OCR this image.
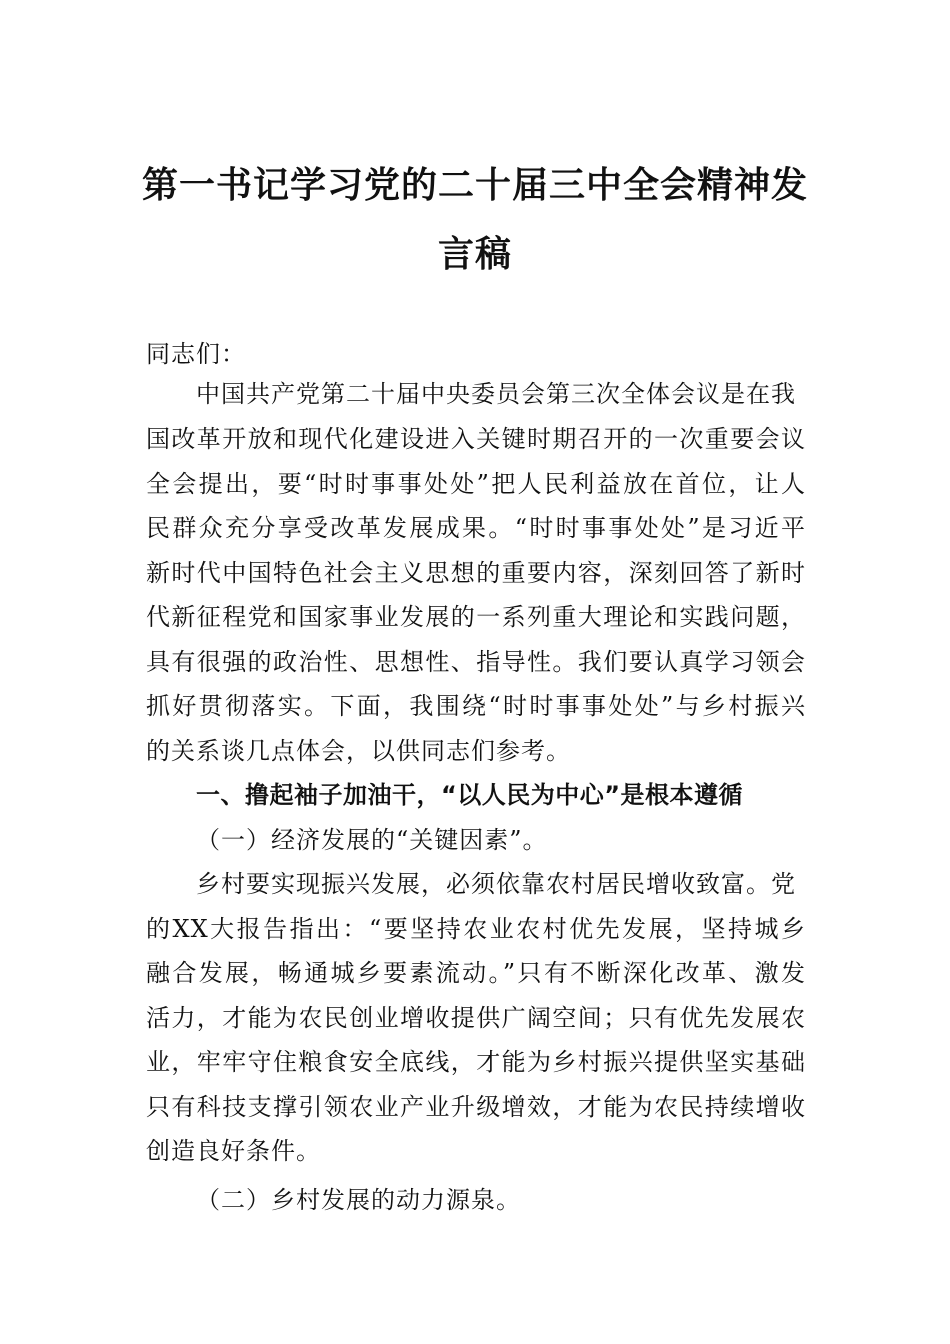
第一书记学习党的二十届三中全会精神发
言稿
同志们：
中国共产党第二十届中央委员会第三次全体会议是在我
国改革开放和现代化建设进入关键时期召开的一次重要会议
全会提出，要“时时事事处处”把人民利益放在首位，让人
民群众充分享受改革发展成果。“时时事事处处”是习近平
新时代中国特色社会主义思想的重要内容，深刻回答了新时
代新征程党和国家事业发展的一系列重大理论和实践问题，
具有很强的政治性、思想性、指导性。我们要认真学习领会
抓好贯彻落实。下面，我围绕“时时事事处处”与乡村振兴
的关系谈几点体会，以供同志们参考。
一、撸起袖子加油干，“以人民为中心”是根本遵循
（一）经济发展的“关键因素”。
乡村要实现振兴发展，必须依靠农村居民增收致富。党
的XX大报告指出：“要坚持农业农村优先发展，坚持城乡
融合发展，畅通城乡要素流动。”只有不断深化改革、激发
活力，才能为农民创业增收提供广阔空间；只有优先发展农
业，牢牢守住粮食安全底线，才能为乡村振兴提供坚实基础
只有科技支撑引领农业产业升级增效，才能为农民持续增收
创造良好条件。
（二）乡村发展的动力源泉。
